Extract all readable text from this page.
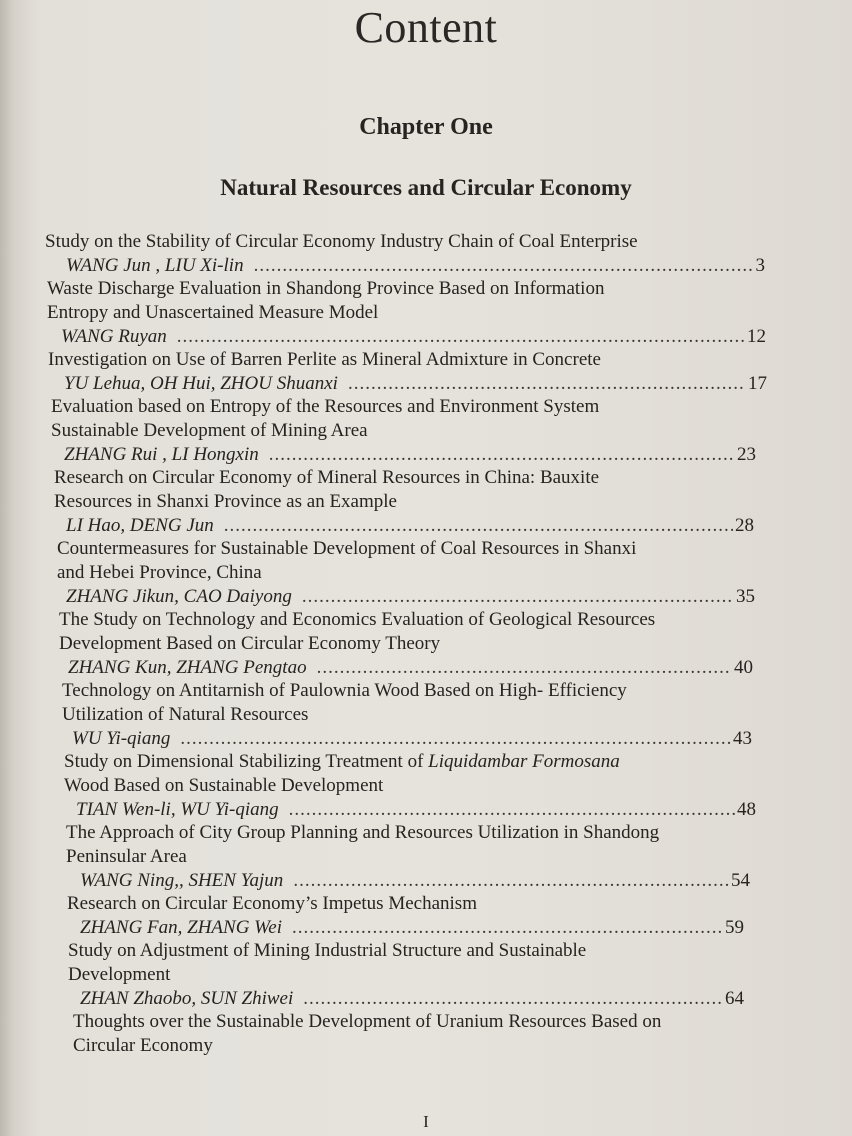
Content
Chapter One
Natural Resources and Circular Economy
Study on the Stability of Circular Economy Industry Chain of Coal Enterprise
WANG Jun , LIU Xi-lin .....	3
Waste Discharge Evaluation in Shandong Province Based on Information
Entropy and Unascertained Measure Model
WANG Ruyan .....	12
Investigation on Use of Barren Perlite as Mineral Admixture in Concrete
YU Lehua, OH Hui, ZHOU Shuanxi .....	17
Evaluation based on Entropy of the Resources and Environment System
Sustainable Development of Mining Area
ZHANG Rui , LI Hongxin .....	23
Research on Circular Economy of Mineral Resources in China: Bauxite
Resources in Shanxi Province as an Example
LI Hao, DENG Jun .....	28
Countermeasures for Sustainable Development of Coal Resources in Shanxi
and Hebei Province, China
ZHANG Jikun, CAO Daiyong .....	35
The Study on Technology and Economics Evaluation of Geological Resources
Development Based on Circular Economy Theory
ZHANG Kun, ZHANG Pengtao .....	40
Technology on Antitarnish of Paulownia Wood Based on High- Efficiency
Utilization of Natural Resources
WU Yi-qiang .....	43
Study on Dimensional Stabilizing Treatment of Liquidambar Formosana
Wood Based on Sustainable Development
TIAN Wen-li, WU Yi-qiang .....	48
The Approach of City Group Planning and Resources Utilization in Shandong
Peninsular Area
WANG Ning,, SHEN Yajun .....	54
Research on Circular Economy’s Impetus Mechanism
ZHANG Fan, ZHANG Wei .....	59
Study on Adjustment of Mining Industrial Structure and Sustainable
Development
ZHAN Zhaobo, SUN Zhiwei .....	64
Thoughts over the Sustainable Development of Uranium Resources Based on
Circular Economy
I
